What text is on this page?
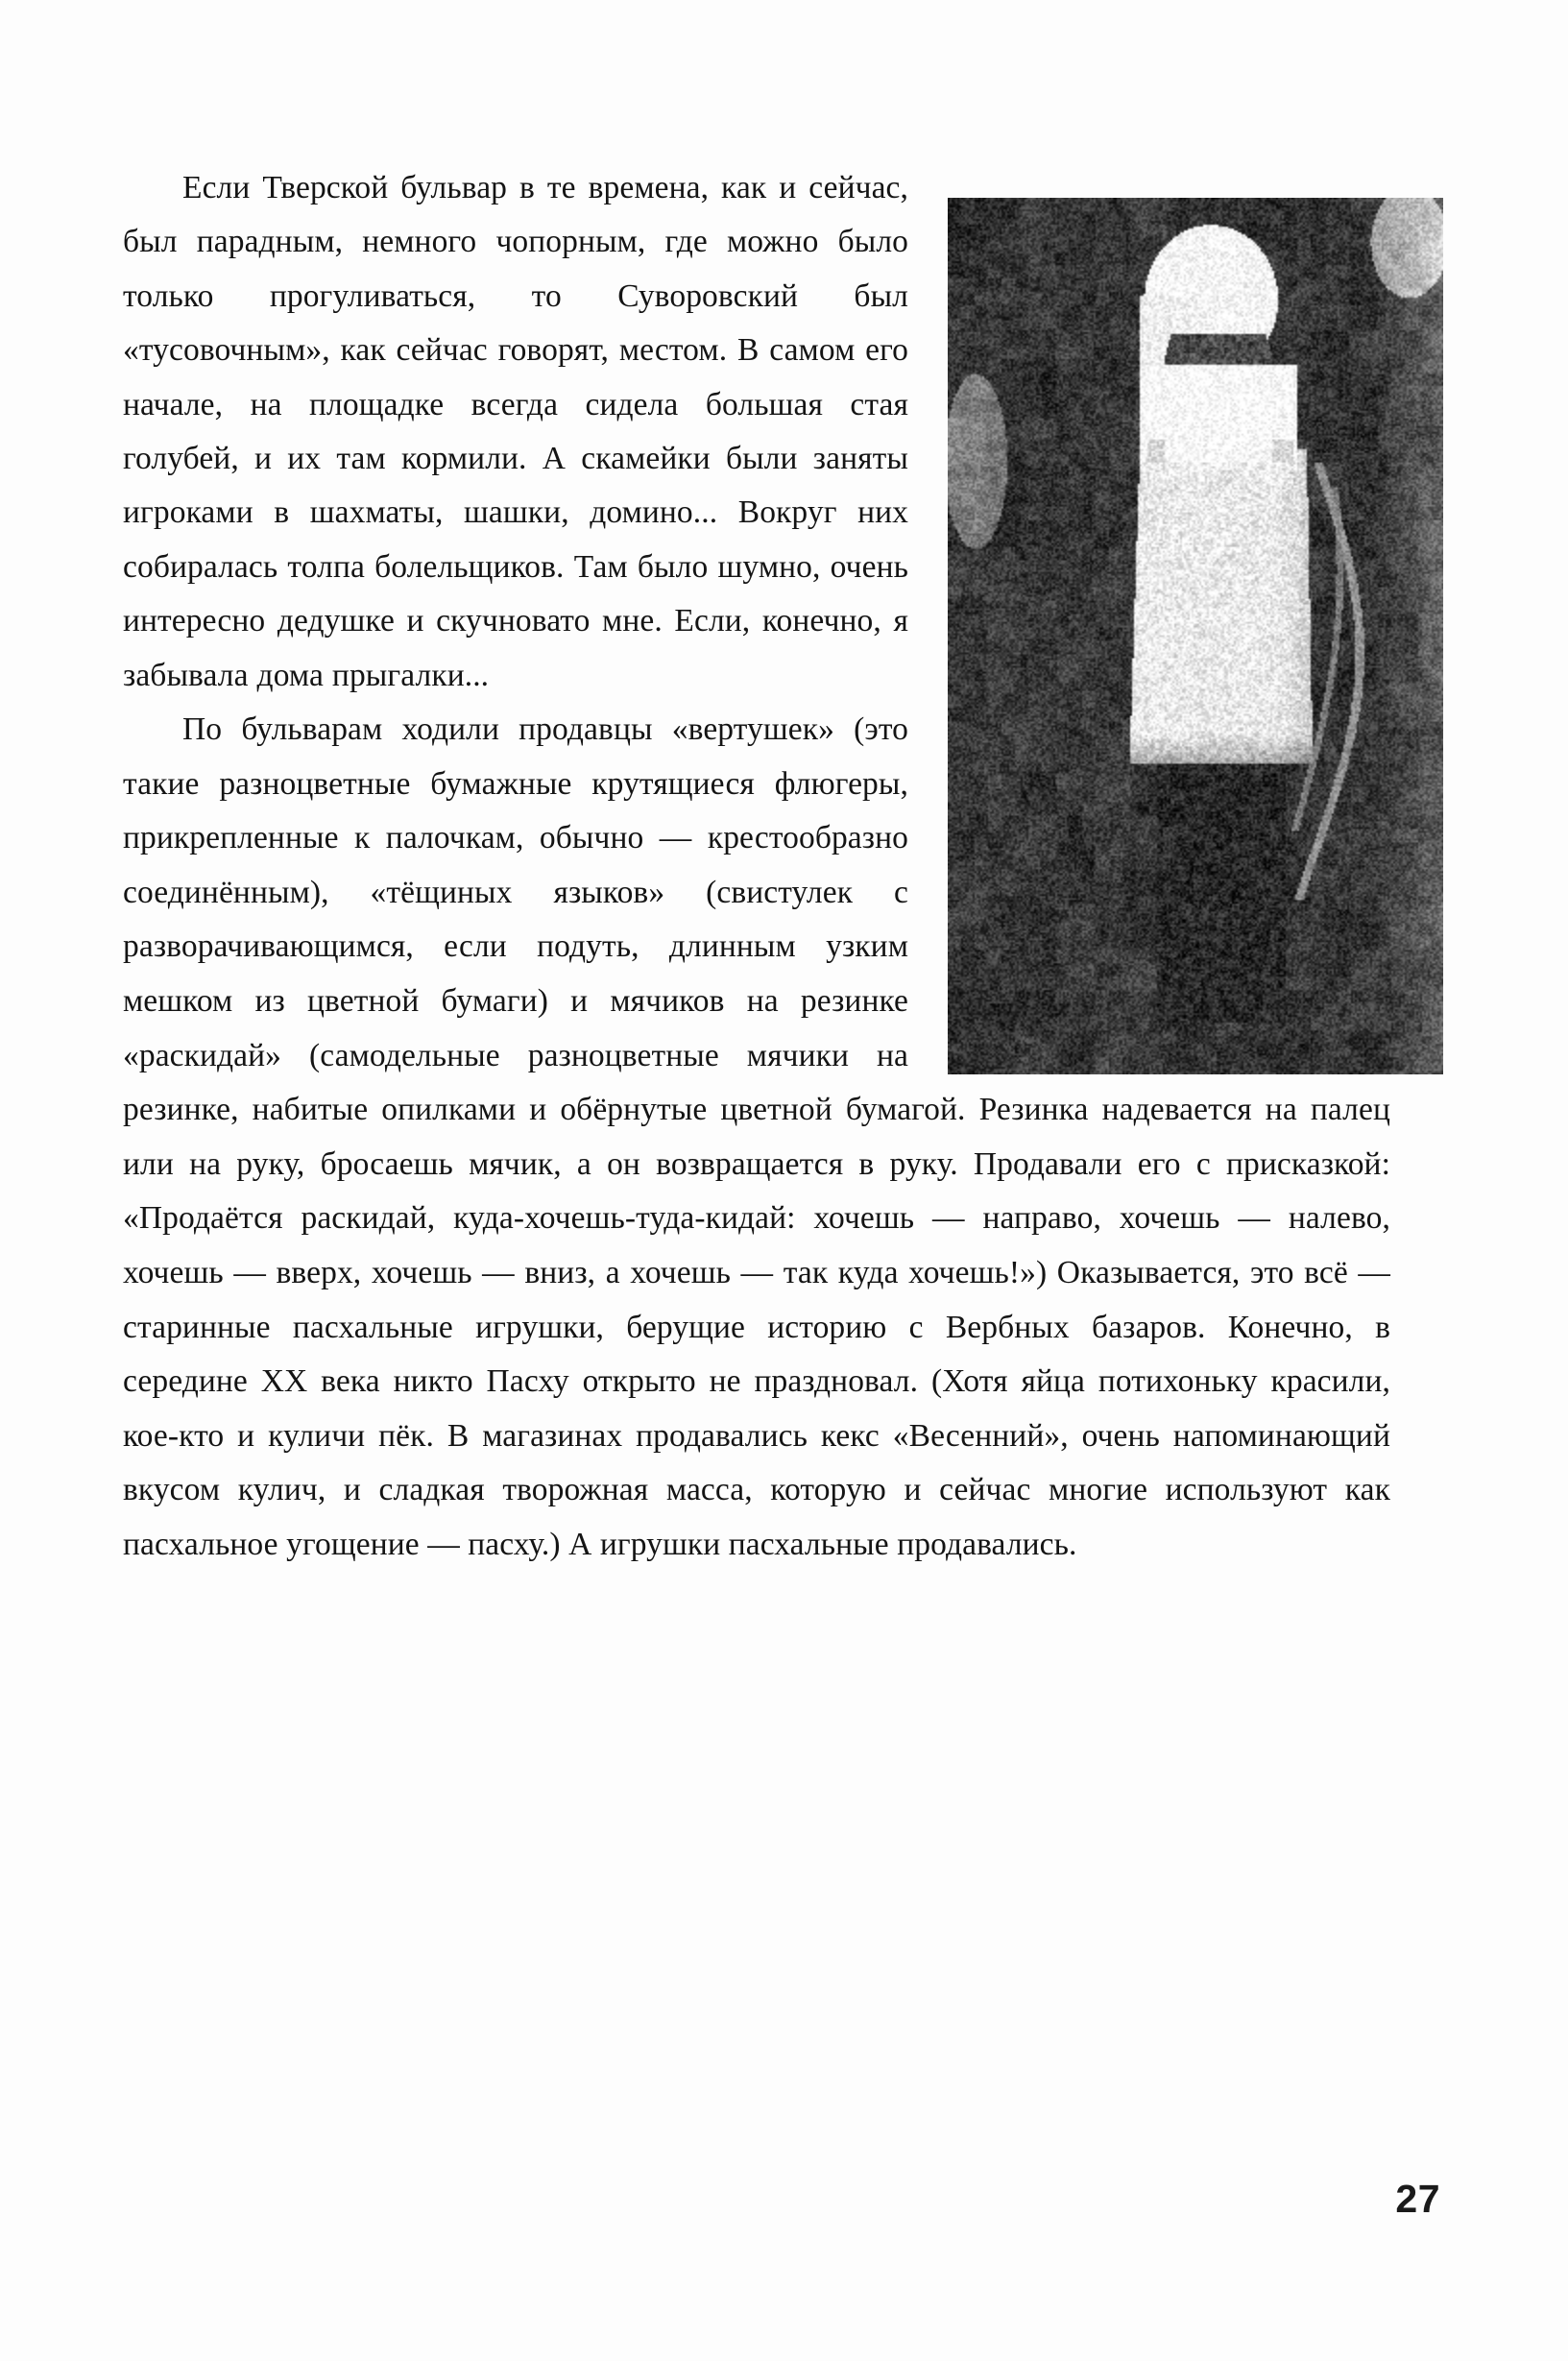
Если Тверской бульвар в те времена, как и сейчас, был парадным, немного чопорным, где можно было только прогуливаться, то Суворовский был «тусовочным», как сейчас говорят, местом. В самом его начале, на площадке всегда сидела большая стая голубей, и их там кормили. А скамейки были заняты игроками в шахматы, шашки, домино... Вокруг них собиралась толпа болельщиков. Там было шумно, очень интересно дедушке и скучновато мне. Если, конечно, я забывала дома прыгалки...

По бульварам ходили продавцы «вертушек» (это такие разноцветные бумажные крутящиеся флюгеры, прикрепленные к палочкам, обычно — крестообразно соединённым), «тёщиных языков» (свистулек с разворачивающимся, если подуть, длинным узким мешком из цветной бумаги) и мячиков на резинке «раскидай» (самодельные разноцветные мячики на резинке, набитые опилками и обёрнутые цветной бумагой. Резинка надевается на палец или на руку, бросаешь мячик, а он возвращается в руку. Продавали его с присказкой: «Продаётся раскидай, куда-хочешь-туда-кидай: хочешь — направо, хочешь — налево, хочешь — вверх, хочешь — вниз, а хочешь — так куда хочешь!») Оказывается, это всё — старинные пасхальные игрушки, берущие историю с Вербных базаров. Конечно, в середине XX века никто Пасху открыто не праздновал. (Хотя яйца потихоньку красили, кое-кто и куличи пёк. В магазинах продавались кекс «Весенний», очень напоминающий вкусом кулич, и сладкая творожная масса, которую и сейчас многие используют как пасхальное угощение — пасху.) А игрушки пасхальные продавались.

27
